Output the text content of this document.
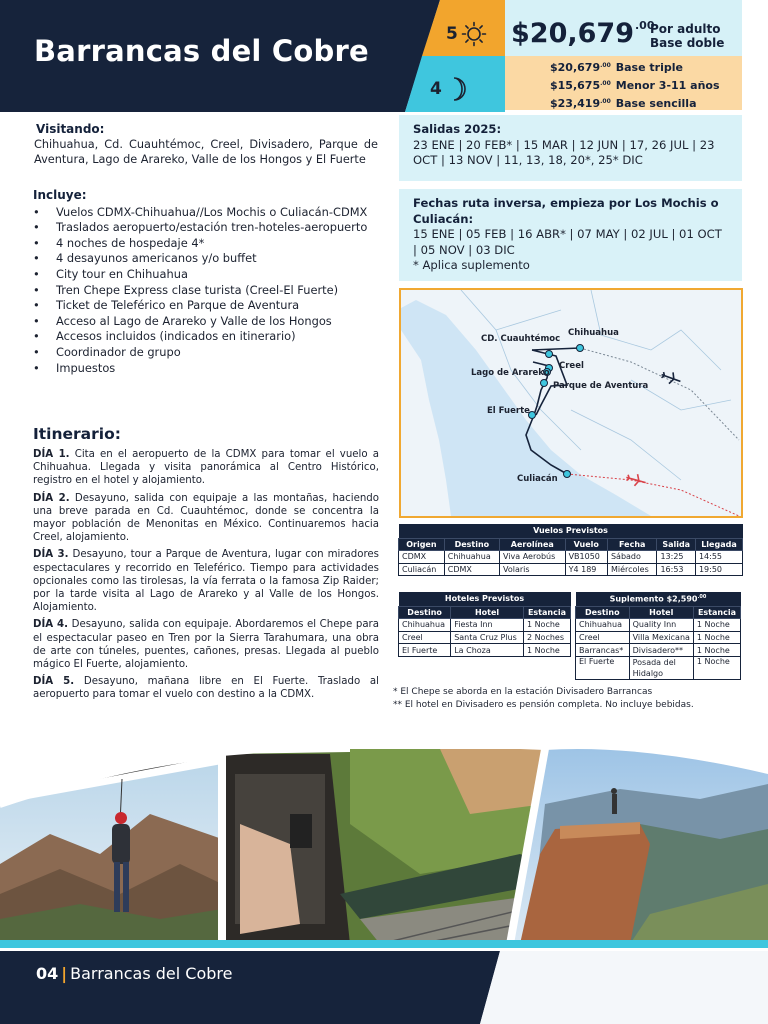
Barrancas del Cobre	5
4
$\$20,679^{.00}$
Por adulto
Base doble
$\$20,679^{.00}$ Base triple
$\$15,675^{.00}$ Menor 3-11 años
$\$23,419^{.00}$ Base sencilla
Visitando:
Chihuahua, Cd. Cuauhtémoc, Creel, Divisadero, Parque de Aventura, Lago de Arareko, Valle de los Hongos y El Fuerte
Incluye:
• Vuelos CDMX-Chihuahua//Los Mochis o Culiacán-CDMX
• Traslados aeropuerto/estación tren-hoteles-aeropuerto
• 4 noches de hospedaje 4*
• 4 desayunos americanos y/o buffet
• City tour en Chihuahua
• Tren Chepe Express clase turista (Creel-El Fuerte)
• Ticket de Teleférico en Parque de Aventura
• Acceso al Lago de Arareko y Valle de los Hongos
• Accesos incluidos (indicados en itinerario)
• Coordinador de grupo
• Impuestos
Itinerario:

DÍA 1. Cita en el aeropuerto de la CDMX para tomar el vuelo a Chihuahua. Llegada y visita panorámica al Centro Histórico, registro en el hotel y alojamiento.

DÍA 2. Desayuno, salida con equipaje a las montañas, haciendo una breve parada en Cd. Cuauhtémoc, donde se concentra la mayor población de Menonitas en México. Continuaremos hacia Creel, alojamiento.

DÍA 3. Desayuno, tour a Parque de Aventura, lugar con miradores espectaculares y recorrido en Teleférico. Tiempo para actividades opcionales como las tirolesas, la vía ferrata o la famosa Zip Raider; por la tarde visita al Lago de Arareko y al Valle de los Hongos. Alojamiento.

DÍA 4. Desayuno, salida con equipaje. Abordaremos el Chepe para el espectacular paseo en Tren por la Sierra Tarahumara, una obra de arte con túneles, puentes, cañones, presas. Llegada al pueblo mágico El Fuerte, alojamiento.

DÍA 5. Desayuno, mañana libre en El Fuerte. Traslado al aeropuerto para tomar el vuelo con destino a la CDMX.

Salidas 2025:
23 ENE | 20 FEB* | 15 MAR | 12 JUN | 17, 26 JUL | 23 OCT | 13 NOV | 11, 13, 18, 20*, 25* DIC
Fechas ruta inversa, empieza por Los Mochis o Culiacán:
15 ENE | 05 FEB | 16 ABR* | 07 MAY | 02 JUL | 01 OCT | 05 NOV | 03 DIC
* Aplica suplemento
CD. Cuauhtémoc
Chihuahua
Creel
Lago de Arareko
Parque de Aventura
El Fuerte
Culiacán
Vuelos Previstos						
Origen	Destino	Aerolínea	Vuelo	Fecha	Salida	Llegada
CDMX	Chihuahua	Viva Aerobús	VB1050	Sábado	13:25	14:55
Culiacán	CDMX	Volaris	Y4 189	Miércoles	16:53	19:50
Hoteles Previstos		
Destino	Hotel	Estancia
Chihuahua	Fiesta Inn	1 Noche
Creel	Santa Cruz Plus	2 Noches
El Fuerte	La Choza	1 Noche
Suplemento $\$2,590^{.00}$
Destino	Hotel	Estancia
Chihuahua	Quality Inn	1 Noche
Creel	Villa Mexicana	1 Noche
Barrancas*	Divisadero**	1 Noche
El Fuerte	Posada del Hidalgo	1 Noche
* El Chepe se aborda en la estación Divisadero Barrancas
** El hotel en Divisadero es pensión completa. No incluye bebidas.
04 | Barrancas del Cobre
